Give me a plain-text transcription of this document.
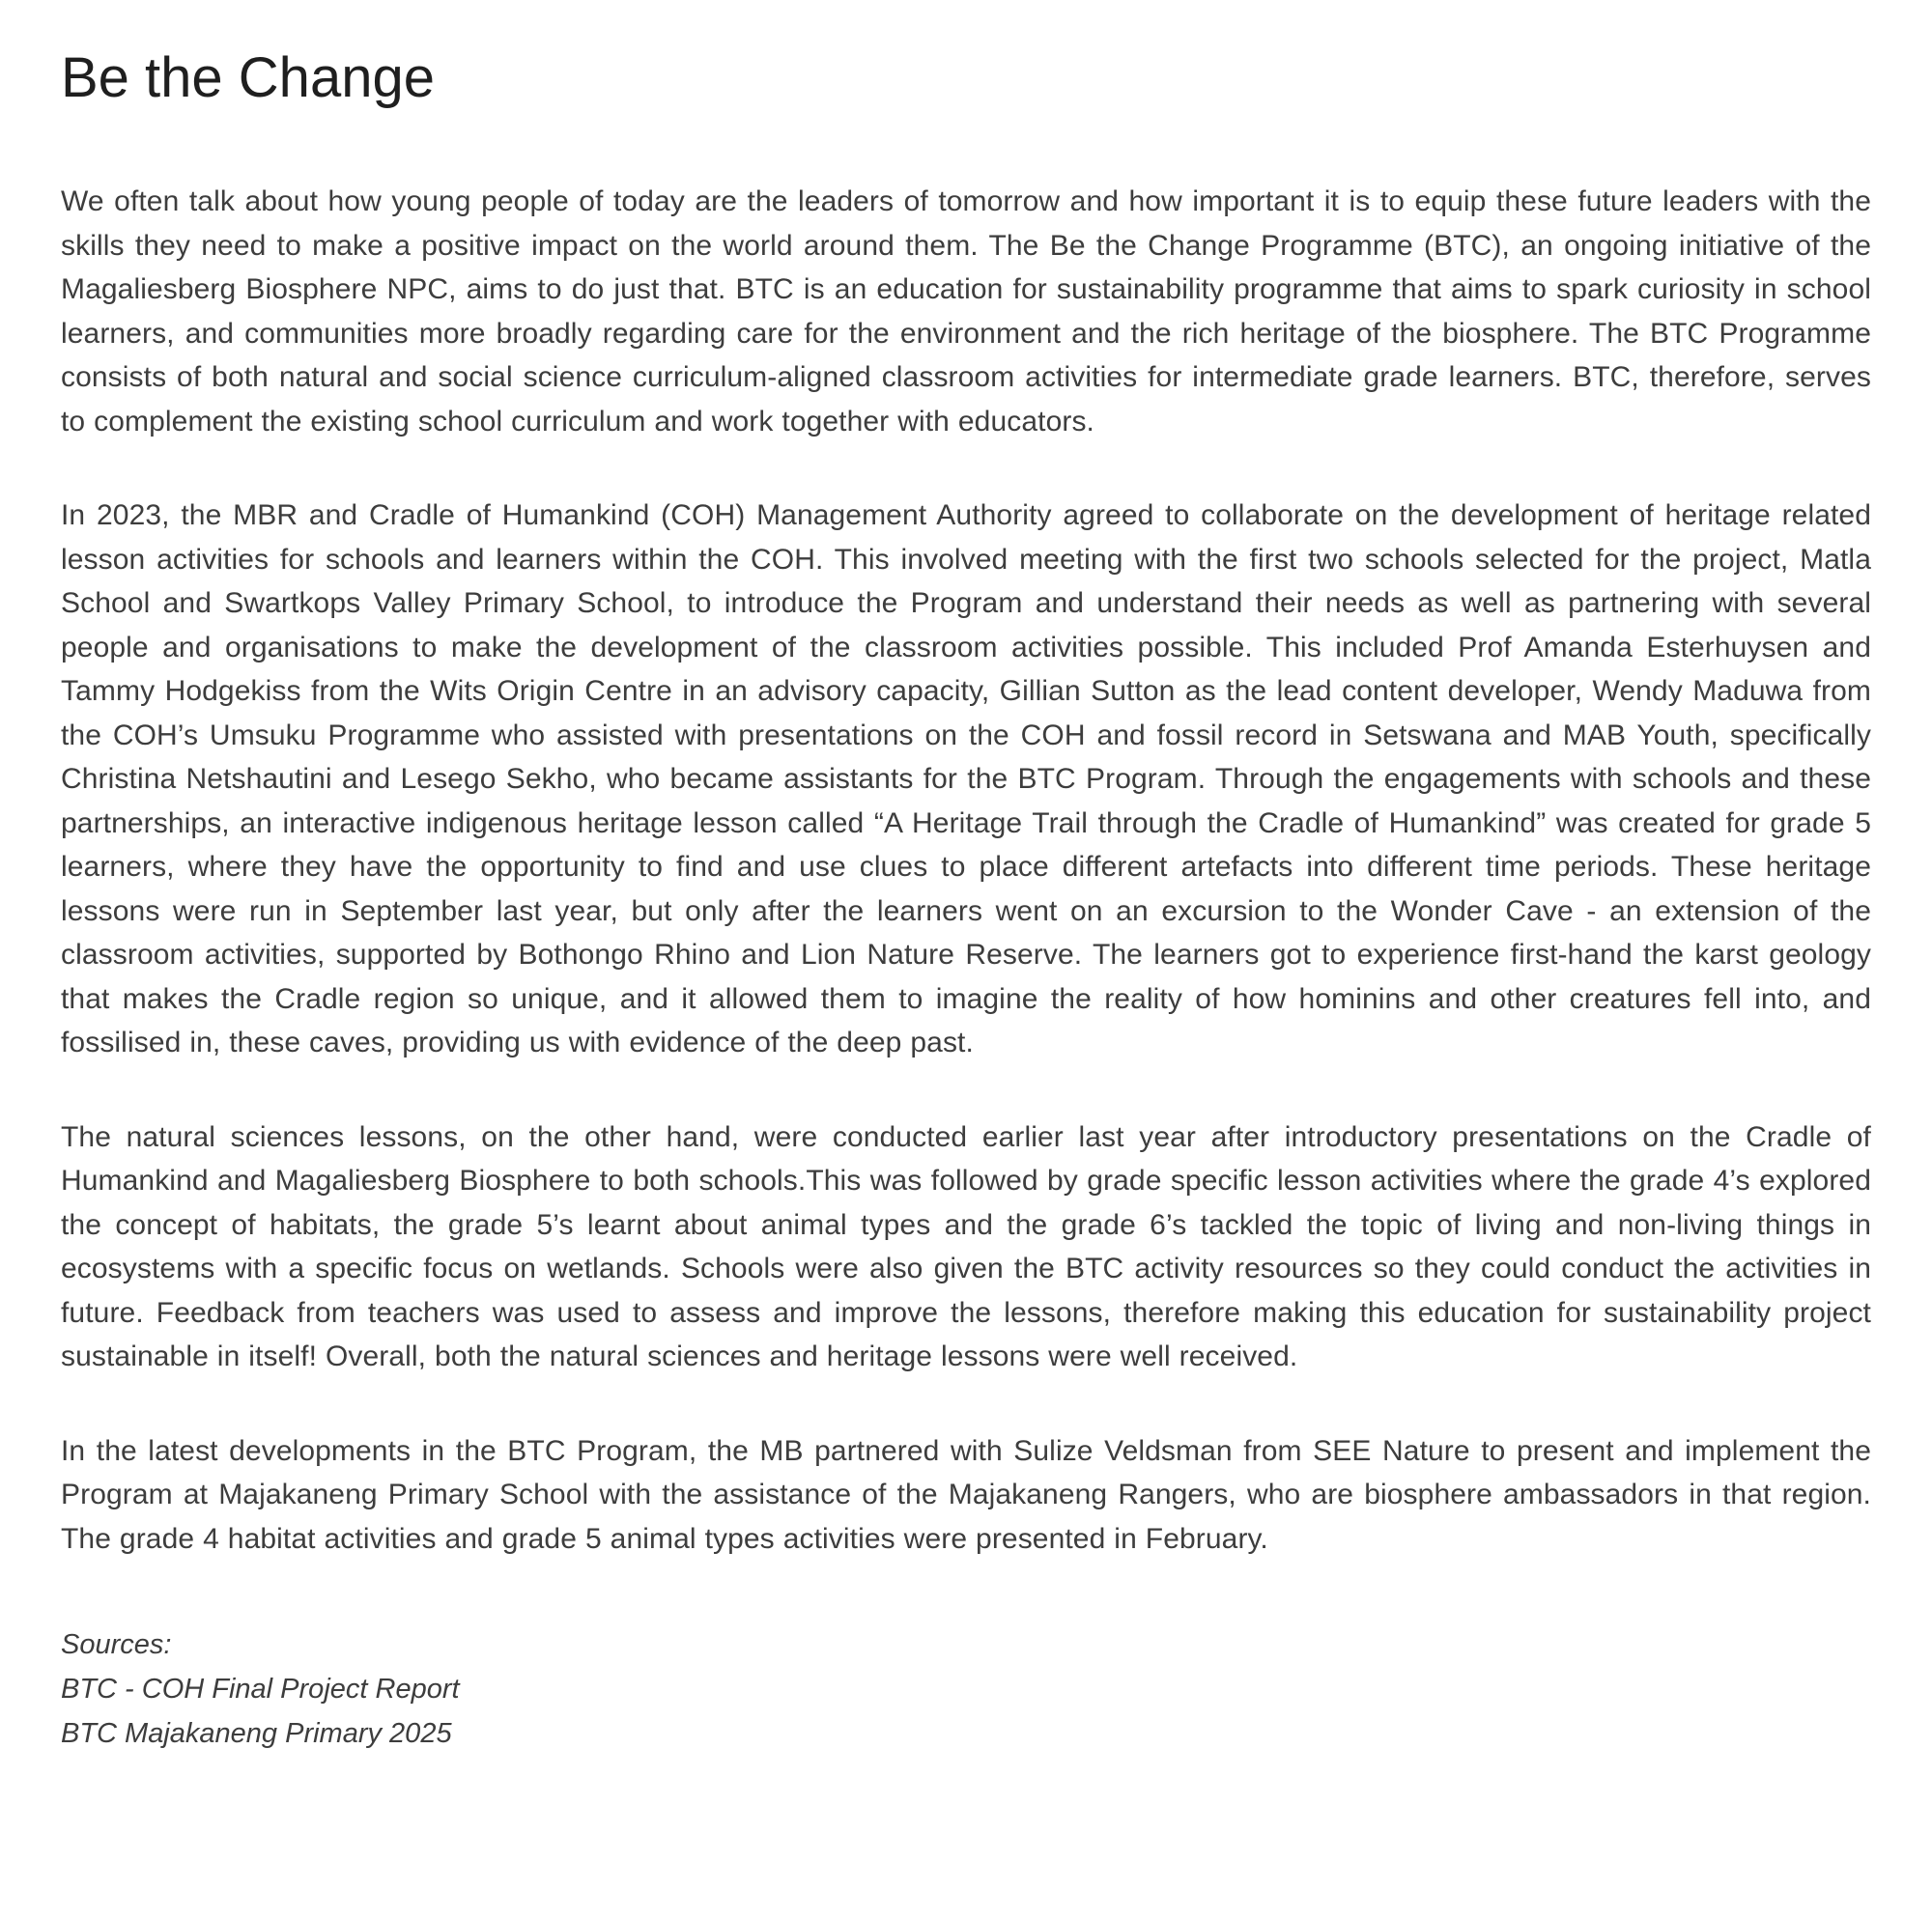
Be the Change

We often talk about how young people of today are the leaders of tomorrow and how important it is to equip these future leaders with the skills they need to make a positive impact on the world around them. The Be the Change Programme (BTC), an ongoing initiative of the Magaliesberg Biosphere NPC, aims to do just that. BTC is an education for sustainability programme that aims to spark curiosity in school learners, and communities more broadly regarding care for the environment and the rich heritage of the biosphere. The BTC Programme consists of both natural and social science curriculum-aligned classroom activities for intermediate grade learners. BTC, therefore, serves to complement the existing school curriculum and work together with educators.

In 2023, the MBR and Cradle of Humankind (COH) Management Authority agreed to collaborate on the development of heritage related lesson activities for schools and learners within the COH. This involved meeting with the first two schools selected for the project, Matla School and Swartkops Valley Primary School, to introduce the Program and understand their needs as well as partnering with several people and organisations to make the development of the classroom activities possible. This included Prof Amanda Esterhuysen and Tammy Hodgekiss from the Wits Origin Centre in an advisory capacity, Gillian Sutton as the lead content developer, Wendy Maduwa from the COH’s Umsuku Programme who assisted with presentations on the COH and fossil record in Setswana and MAB Youth, specifically Christina Netshautini and Lesego Sekho, who became assistants for the BTC Program. Through the engagements with schools and these partnerships, an interactive indigenous heritage lesson called “A Heritage Trail through the Cradle of Humankind” was created for grade 5 learners, where they have the opportunity to find and use clues to place different artefacts into different time periods. These heritage lessons were run in September last year, but only after the learners went on an excursion to the Wonder Cave - an extension of the classroom activities, supported by Bothongo Rhino and Lion Nature Reserve. The learners got to experience first-hand the karst geology that makes the Cradle region so unique, and it allowed them to imagine the reality of how hominins and other creatures fell into, and fossilised in, these caves, providing us with evidence of the deep past.

The natural sciences lessons, on the other hand, were conducted earlier last year after introductory presentations on the Cradle of Humankind and Magaliesberg Biosphere to both schools.This was followed by grade specific lesson activities where the grade 4’s explored the concept of habitats, the grade 5’s learnt about animal types and the grade 6’s tackled the topic of living and non-living things in ecosystems with a specific focus on wetlands. Schools were also given the BTC activity resources so they could conduct the activities in future. Feedback from teachers was used to assess and improve the lessons, therefore making this education for sustainability project sustainable in itself! Overall, both the natural sciences and heritage lessons were well received.

In the latest developments in the BTC Program, the MB partnered with Sulize Veldsman from SEE Nature to present and implement the Program at Majakaneng Primary School with the assistance of the Majakaneng Rangers, who are biosphere ambassadors in that region. The grade 4 habitat activities and grade 5 animal types activities were presented in February.

Sources:

BTC - COH Final Project Report

BTC Majakaneng Primary 2025
